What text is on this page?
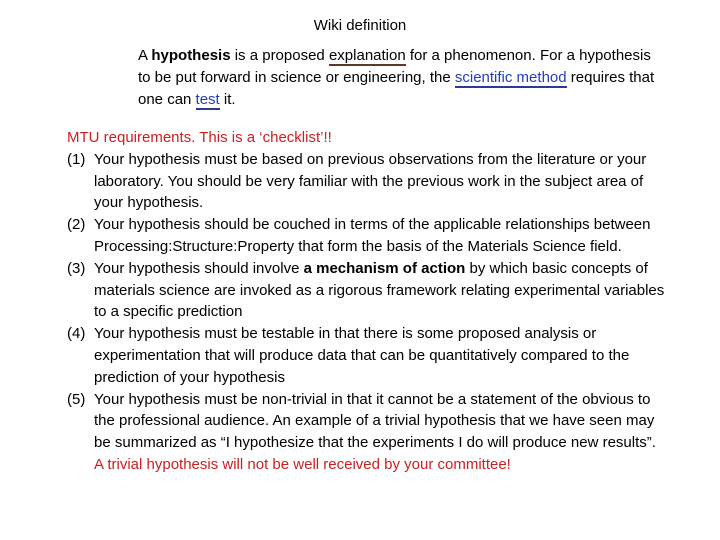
Wiki definition
A hypothesis is a proposed explanation for a phenomenon. For a hypothesis to be put forward in science or engineering, the scientific method requires that one can test it.
MTU requirements. This is a ‘checklist’!!
(1) Your hypothesis must be based on previous observations from the literature or your laboratory. You should be very familiar with the previous work in the subject area of your hypothesis.
(2) Your hypothesis should be couched in terms of the applicable relationships between Processing:Structure:Property that form the basis of the Materials Science field.
(3) Your hypothesis should involve a mechanism of action by which basic concepts of materials science are invoked as a rigorous framework relating experimental variables to a specific prediction
(4) Your hypothesis must be testable in that there is some proposed analysis or experimentation that will produce data that can be quantitatively compared to the prediction of your hypothesis
(5) Your hypothesis must be non-trivial in that it cannot be a statement of the obvious to the professional audience. An example of a trivial hypothesis that we have seen may be summarized as “I hypothesize that the experiments I do will produce new results”. A trivial hypothesis will not be well received by your committee!
